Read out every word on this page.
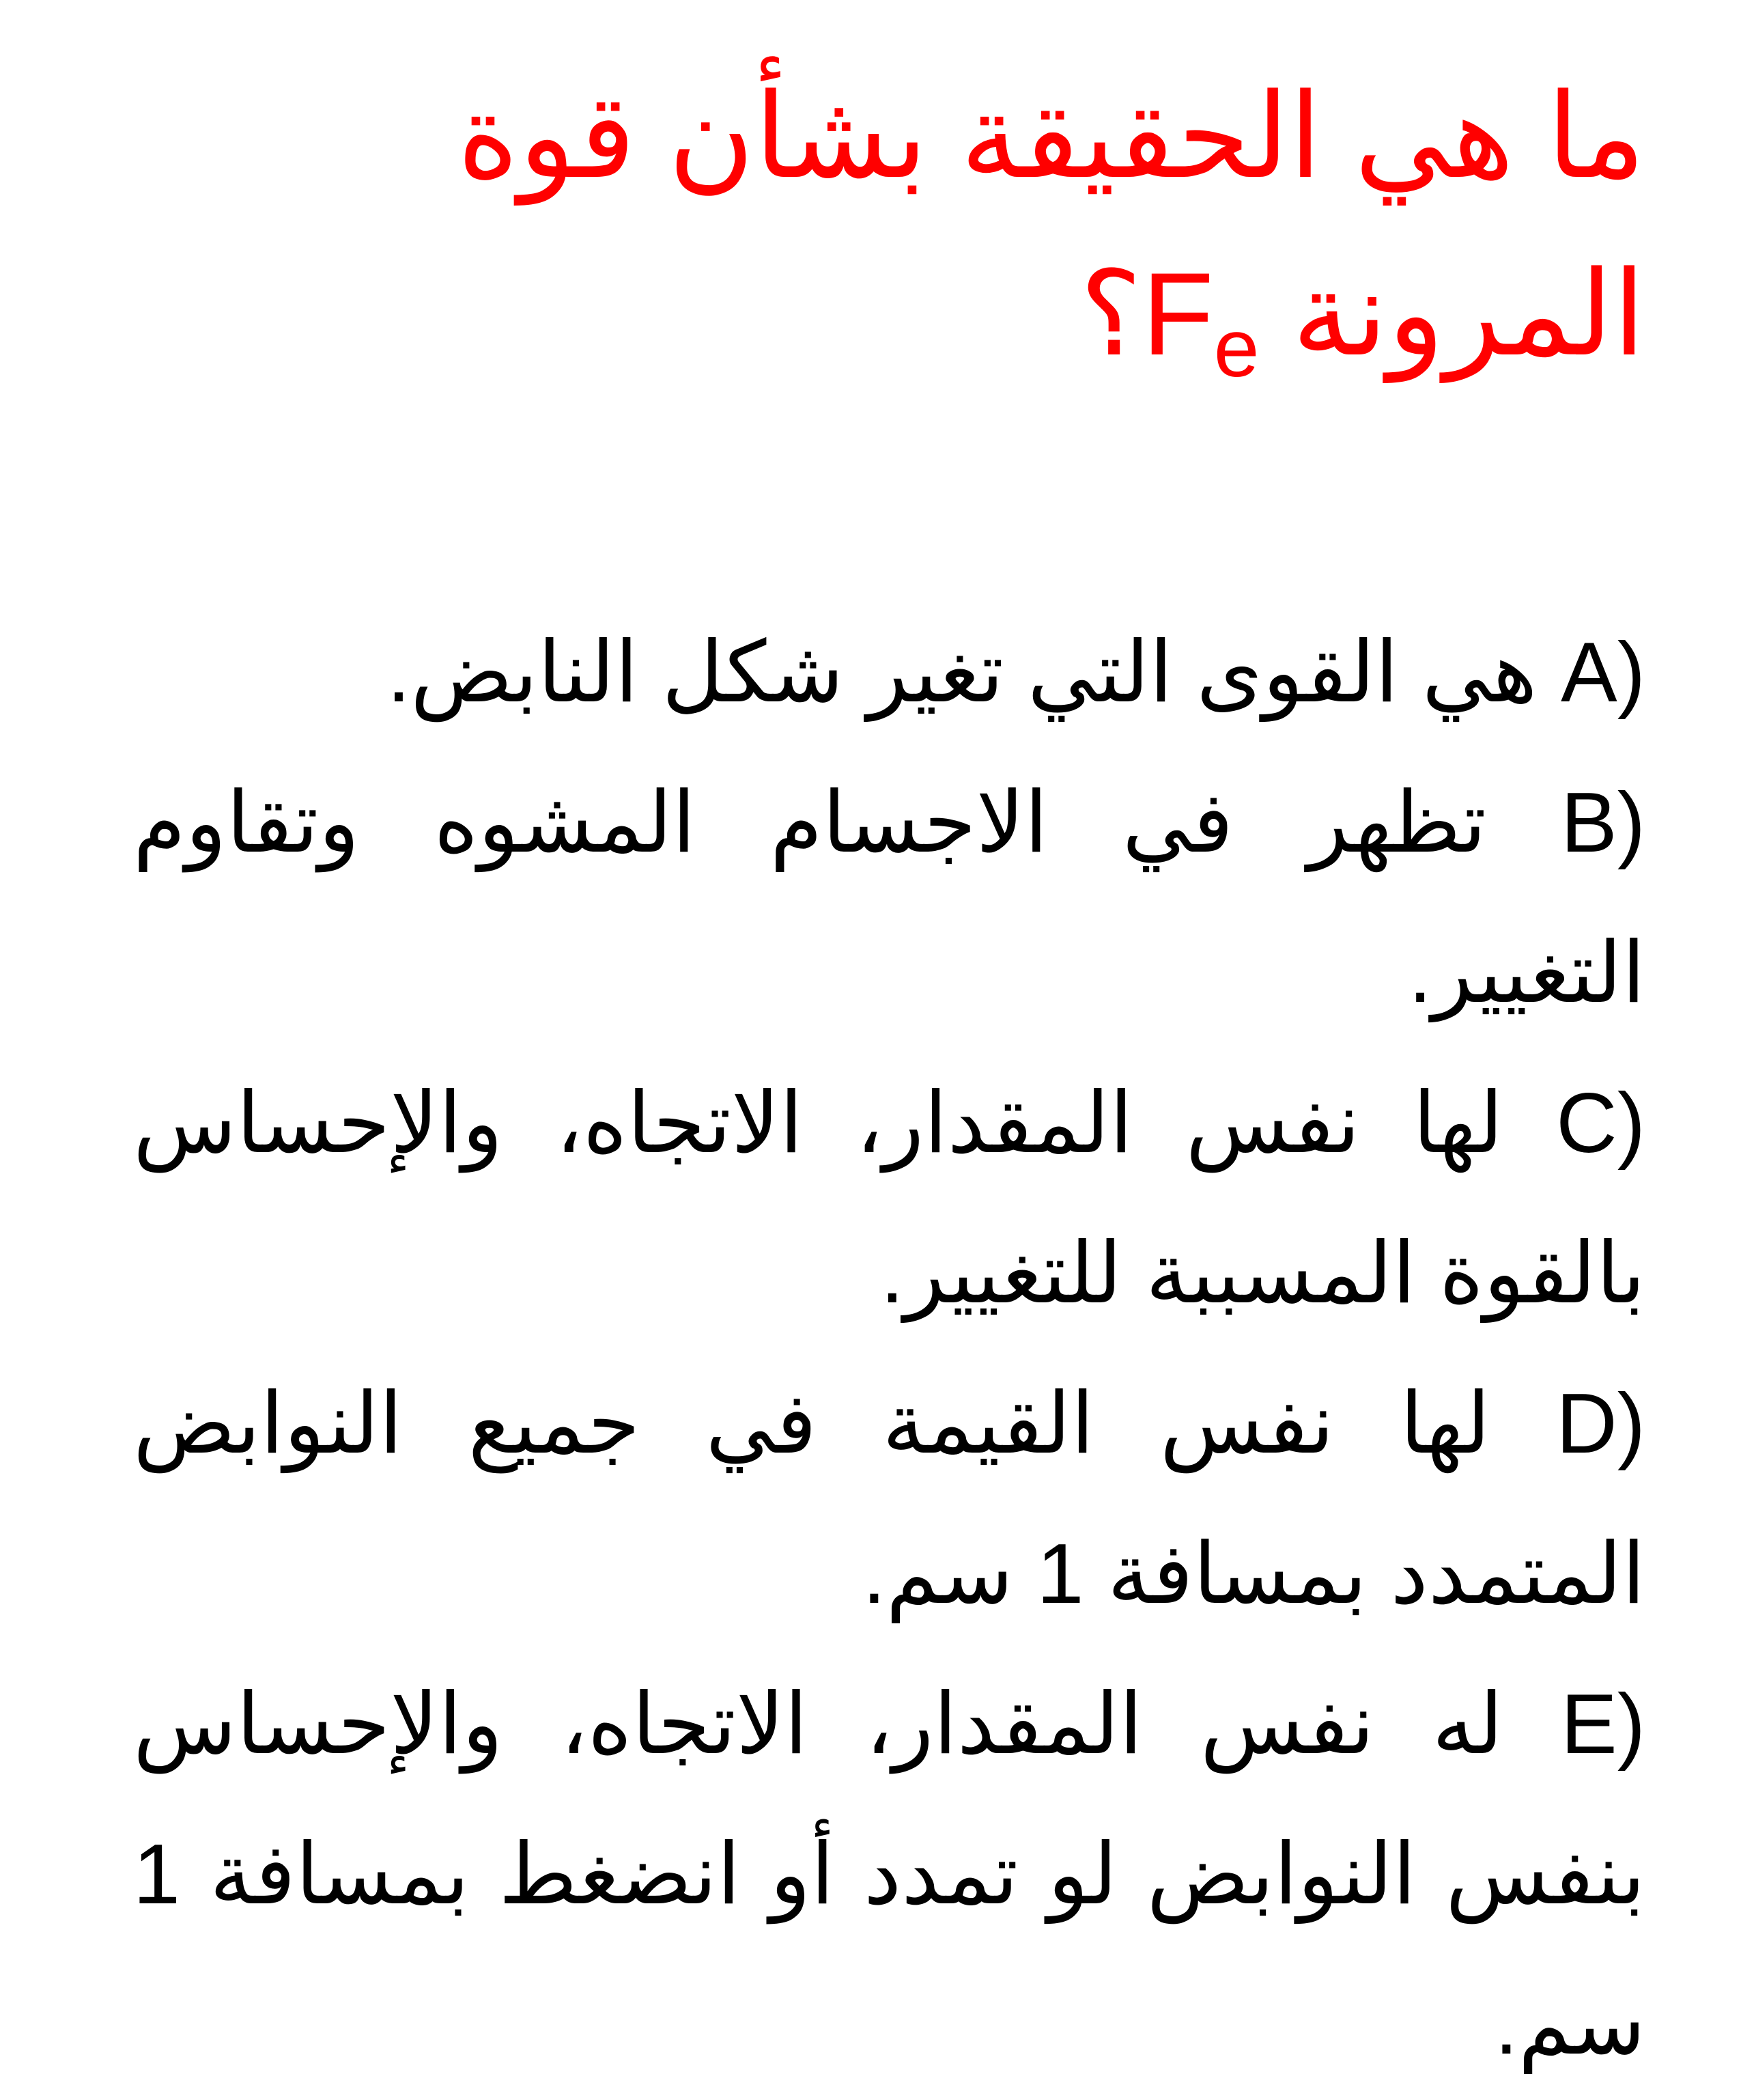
ما هي الحقيقة بشأن قوة المرونة $؟F_e$
A) هي القوى التي تغير شكل النابض.
B) تظهر في الاجسام المشوه وتقاوم التغيير.
C) لها نفس المقدار، الاتجاه، والإحساس بالقوة المسببة للتغيير.
D) لها نفس القيمة في جميع النوابض المتمدد بمسافة 1 سم.
E) له نفس المقدار، الاتجاه، والإحساس بنفس النوابض لو تمدد أو انضغط بمسافة 1 سم.
